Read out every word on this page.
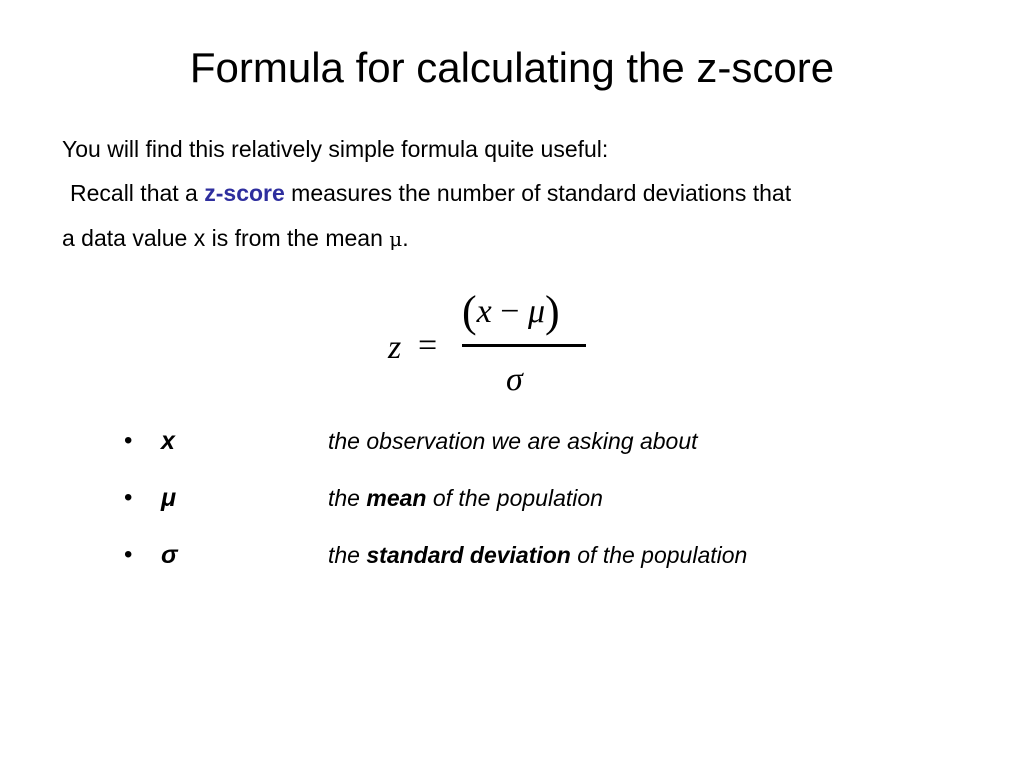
Formula for calculating the z-score
You will find this relatively simple formula quite useful:
Recall that a z-score measures the number of standard deviations that
a data value x is from the mean μ.
z =
(x − μ)
σ
• x	the observation we are asking about
• μ	the mean of the population
• σ	the standard deviation of the population
